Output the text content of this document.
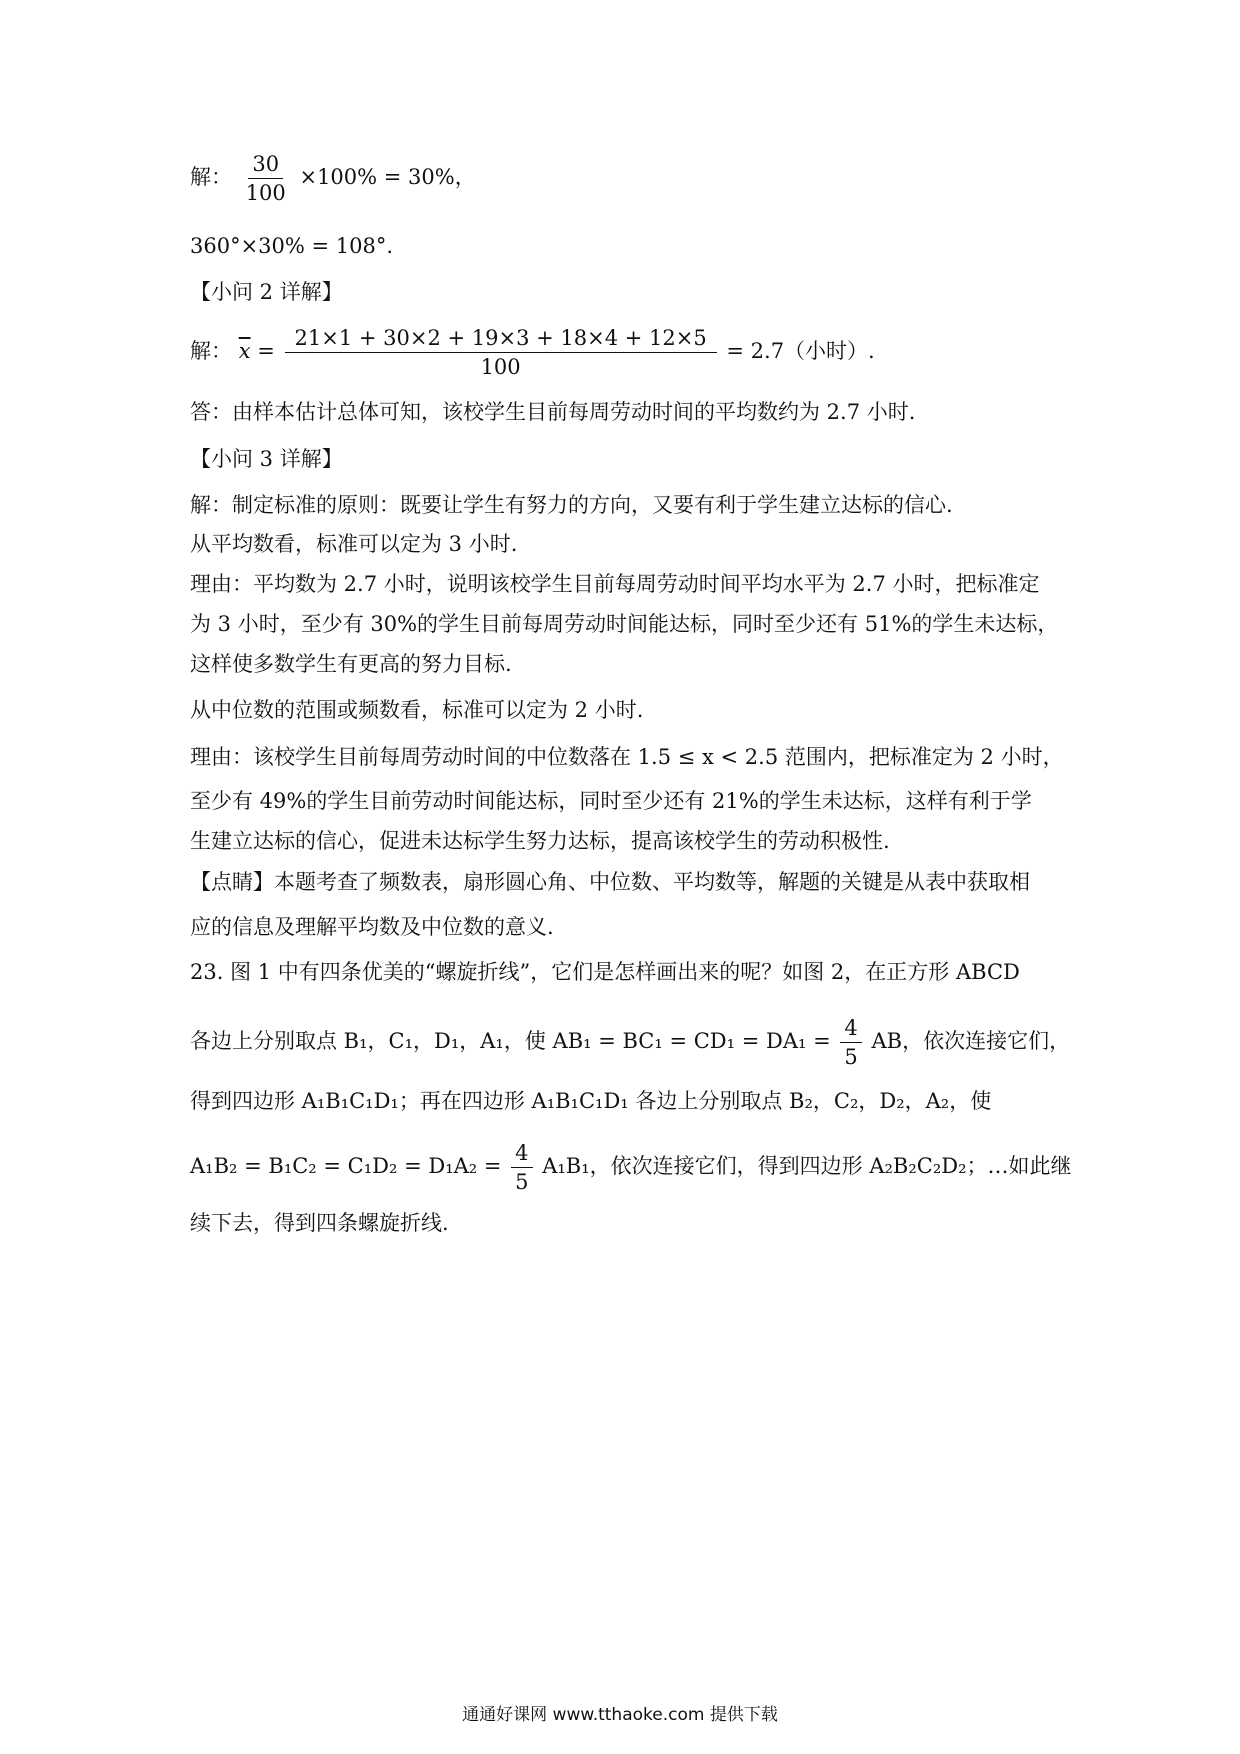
解： $\frac{30}{100} \times 100\% = 30\%$，
360°×30% = 108°.
【小问 2 详解】
解： $\overline{x} = \frac{21\times 1 + 30\times 2 + 19\times 3 + 18\times 4 + 12\times 5}{100} = 2.7$（小时）.
答：由样本估计总体可知，该校学生目前每周劳动时间的平均数约为 2.7 小时.
【小问 3 详解】
解：制定标准的原则：既要让学生有努力的方向，又要有利于学生建立达标的信心.
从平均数看，标准可以定为 3 小时.
理由：平均数为 2.7 小时，说明该校学生目前每周劳动时间平均水平为 2.7 小时，把标准定
为 3 小时，至少有 30%的学生目前每周劳动时间能达标，同时至少还有 51%的学生未达标，
这样使多数学生有更高的努力目标.
从中位数的范围或频数看，标准可以定为 2 小时.
理由：该校学生目前每周劳动时间的中位数落在 1.5 ≤ x < 2.5 范围内，把标准定为 2 小时，
至少有 49%的学生目前劳动时间能达标，同时至少还有 21%的学生未达标，这样有利于学
生建立达标的信心，促进未达标学生努力达标，提高该校学生的劳动积极性.
【点睛】本题考查了频数表，扇形圆心角、中位数、平均数等，解题的关键是从表中获取相
应的信息及理解平均数及中位数的意义.
23. 图 1 中有四条优美的“螺旋折线”，它们是怎样画出来的呢？如图 2，在正方形 ABCD
各边上分别取点 B₁，C₁，D₁，A₁，使 $AB_1 = BC_1 = CD_1 = DA_1 = \frac{4}{5}$ AB，依次连接它们，
得到四边形 A₁B₁C₁D₁；再在四边形 A₁B₁C₁D₁ 各边上分别取点 B₂，C₂，D₂，A₂，使
$A_1B_2 = B_1C_2 = C_1D_2 = D_1A_2 = \frac{4}{5} A_1B_1$，依次连接它们，得到四边形 A₂B₂C₂D₂；…如此继
续下去，得到四条螺旋折线.
通通好课网 www.tthaoke.com 提供下载
